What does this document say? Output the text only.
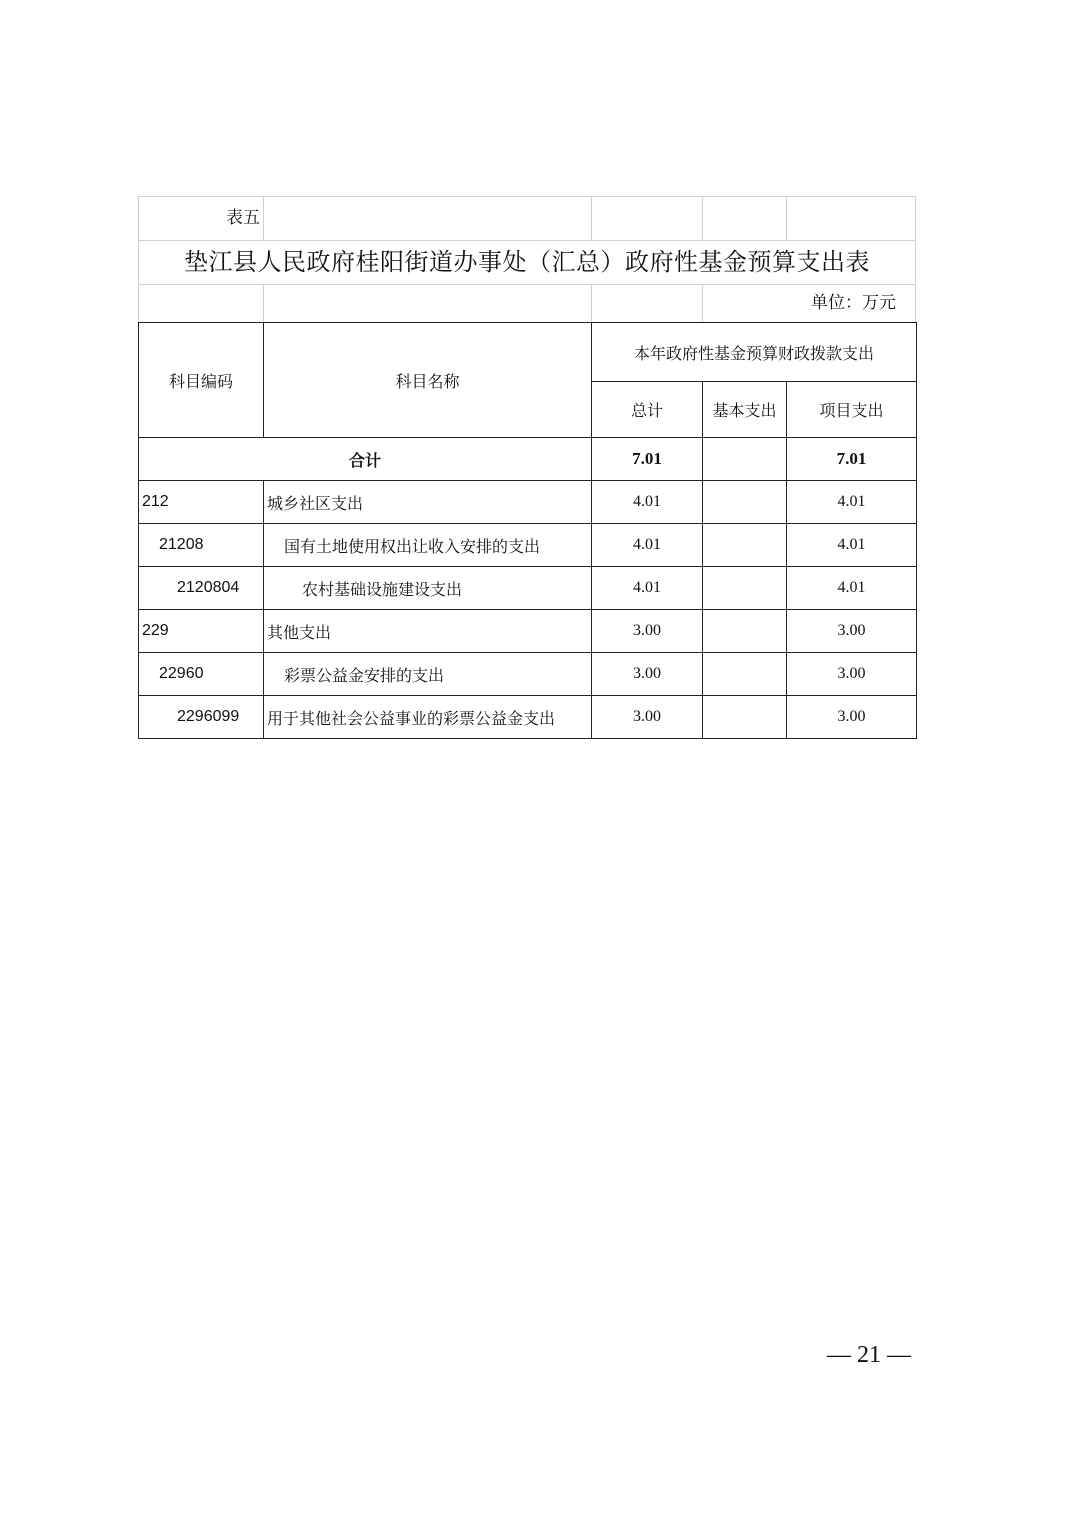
表五
垫江县人民政府桂阳街道办事处（汇总）政府性基金预算支出表
单位：万元
科目编码	科目名称	本年政府性基金预算财政拨款支出		
		总计	基本支出	项目支出
合计		7.01		7.01
212	城乡社区支出	4.01		4.01
21208	国有土地使用权出让收入安排的支出	4.01		4.01
2120804	农村基础设施建设支出	4.01		4.01
229	其他支出	3.00		3.00
22960	彩票公益金安排的支出	3.00		3.00
2296099	用于其他社会公益事业的彩票公益金支出	3.00		3.00
— 21 —
